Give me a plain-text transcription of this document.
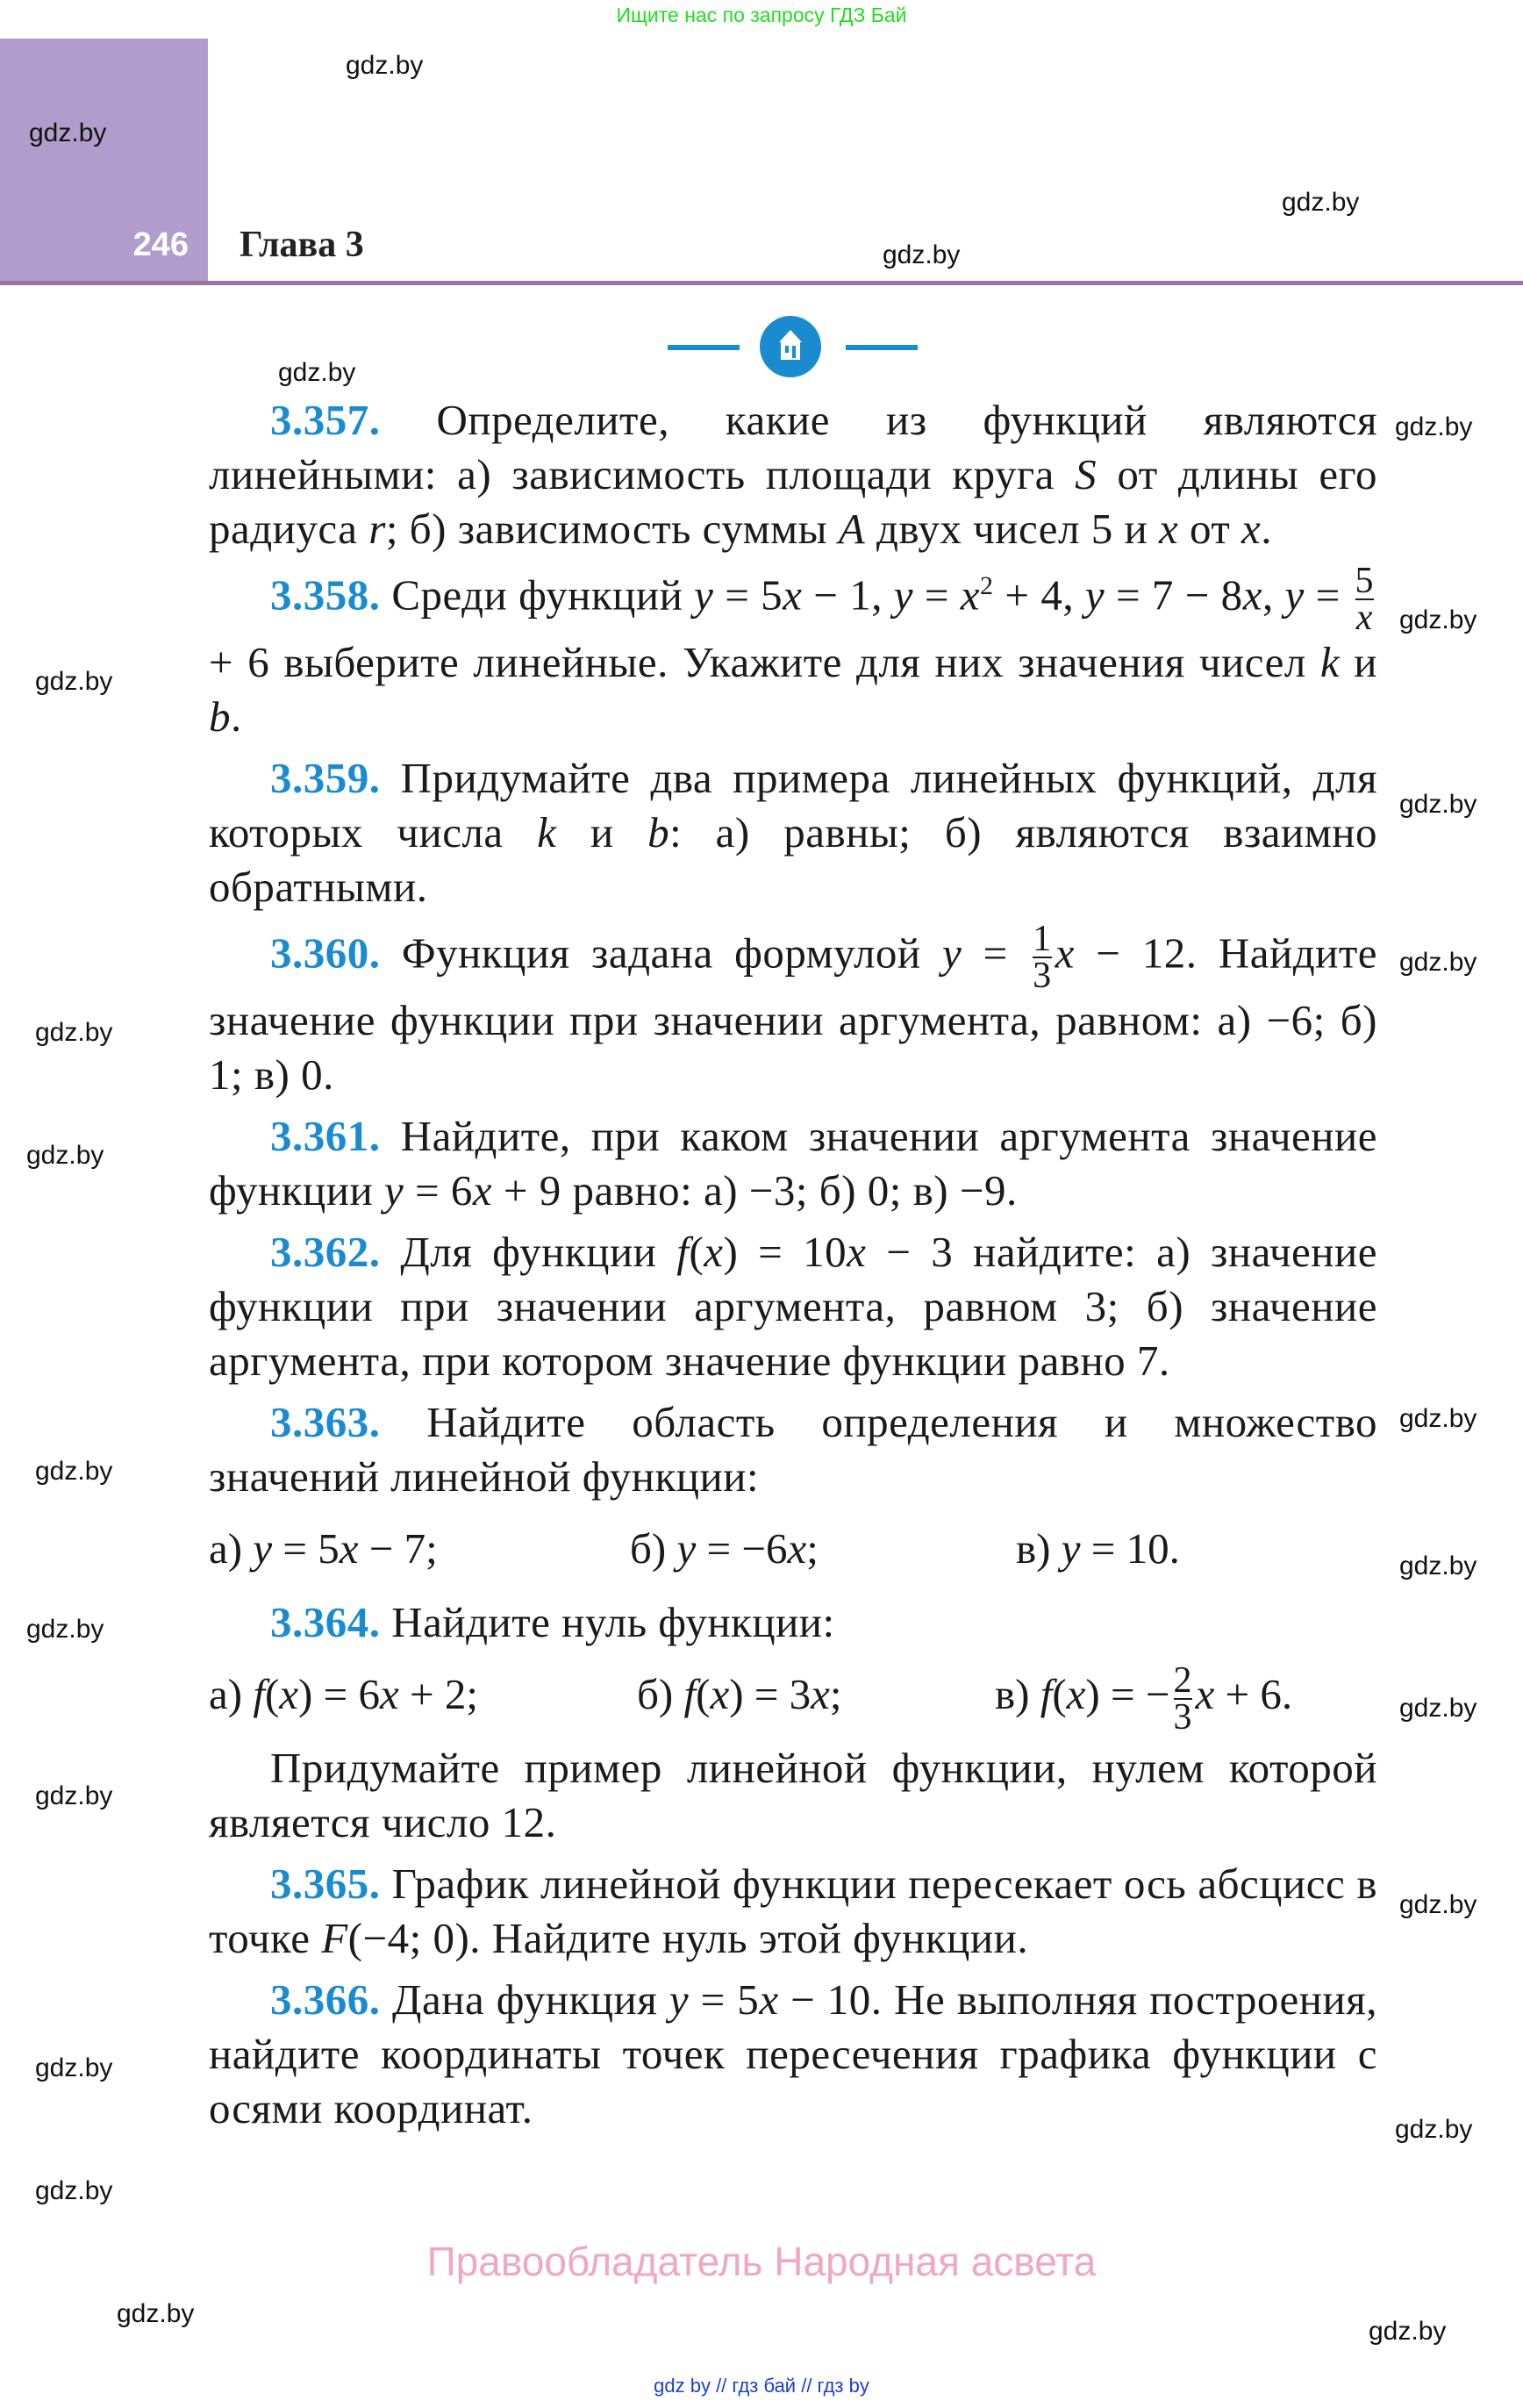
Ищите нас по запросу ГДЗ Бай
246 Глава 3
3.357. Определите, какие из функций являются линейными: а) зависимость площади круга S от длины его радиуса r; б) зависимость суммы A двух чисел 5 и x от x.
3.358. Среди функций y = 5x − 1, $y = x^2 + 4$, y = 7 − 8x, $y = \frac{5}{x}$
+ 6 выберите линейные. Укажите для них значения чисел k и b.
3.359. Придумайте два примера линейных функций, для которых числа k и b: а) равны; б) являются взаимно обратными.
3.360. Функция задана формулой $y = \frac{1}{3}$ x − 12. Найдите значение функции при значении аргумента, равном: а) −6; б) 1; в) 0.
3.361. Найдите, при каком значении аргумента значение функции y = 6x + 9 равно: а) −3; б) 0; в) −9.
3.362. Для функции f(x) = 10x − 3 найдите: а) значение функции при значении аргумента, равном 3; б) значение аргумента, при котором значение функции равно 7.
3.363. Найдите область определения и множество значений линейной функции:
а) y = 5x − 7;	б) y = −6x;	в) y = 10.
3.364. Найдите нуль функции:
а) f(x) = 6x + 2;	б) f(x) = 3x;	в) f(x) = − $\frac{2}{3}$ x + 6.
Придумайте пример линейной функции, нулем которой является число 12.
3.365. График линейной функции пересекает ось абсцисс в точке F(−4; 0). Найдите нуль этой функции.
3.366. Дана функция y = 5x − 10. Не выполняя построения, найдите координаты точек пересечения графика функции с осями координат.
gdz.by
gdz.by
gdz.by
gdz.by
gdz.by
gdz.by
gdz.by
gdz.by
gdz.by
gdz.by
gdz.by
gdz.by
gdz.by
gdz.by
gdz.by
gdz.by
gdz.by
gdz.by
gdz.by
gdz.by
gdz.by
gdz.by
gdz.by
gdz.by
Правообладатель Народная асвета
gdz by // гдз бай // гдз by
